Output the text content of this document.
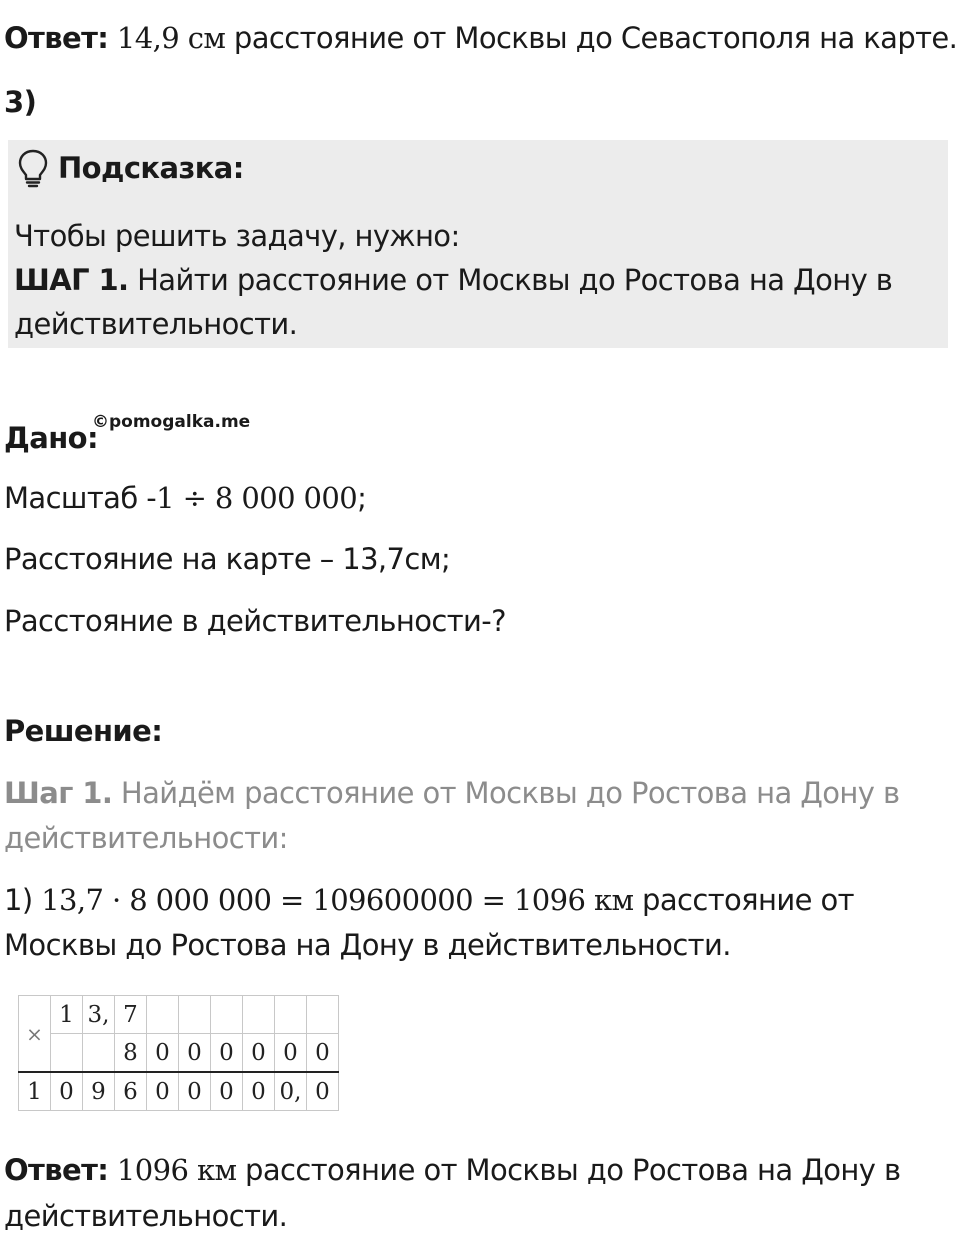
Ответ: 14,9 см расстояние от Москвы до Севастополя на карте.
3)
Подсказка:
Чтобы решить задачу, нужно:
ШАГ 1. Найти расстояние от Москвы до Ростова на Дону в
действительности.
Дано:
©pomogalka.me
Масштаб -1 ÷ 8 000 000;
Расстояние на карте – 13,7см;
Расстояние в действительности-?
Решение:
Шаг 1. Найдём расстояние от Москвы до Ростова на Дону в
действительности:
1) 13,7 · 8 000 000 = 109600000 = 1096 км расстояние от
Москвы до Ростова на Дону в действительности.
×	1	3,	7						
			8	0	0	0	0	0	0
1	0	9	6	0	0	0	0	0,	0
Ответ: 1096 км расстояние от Москвы до Ростова на Дону в
действительности.
